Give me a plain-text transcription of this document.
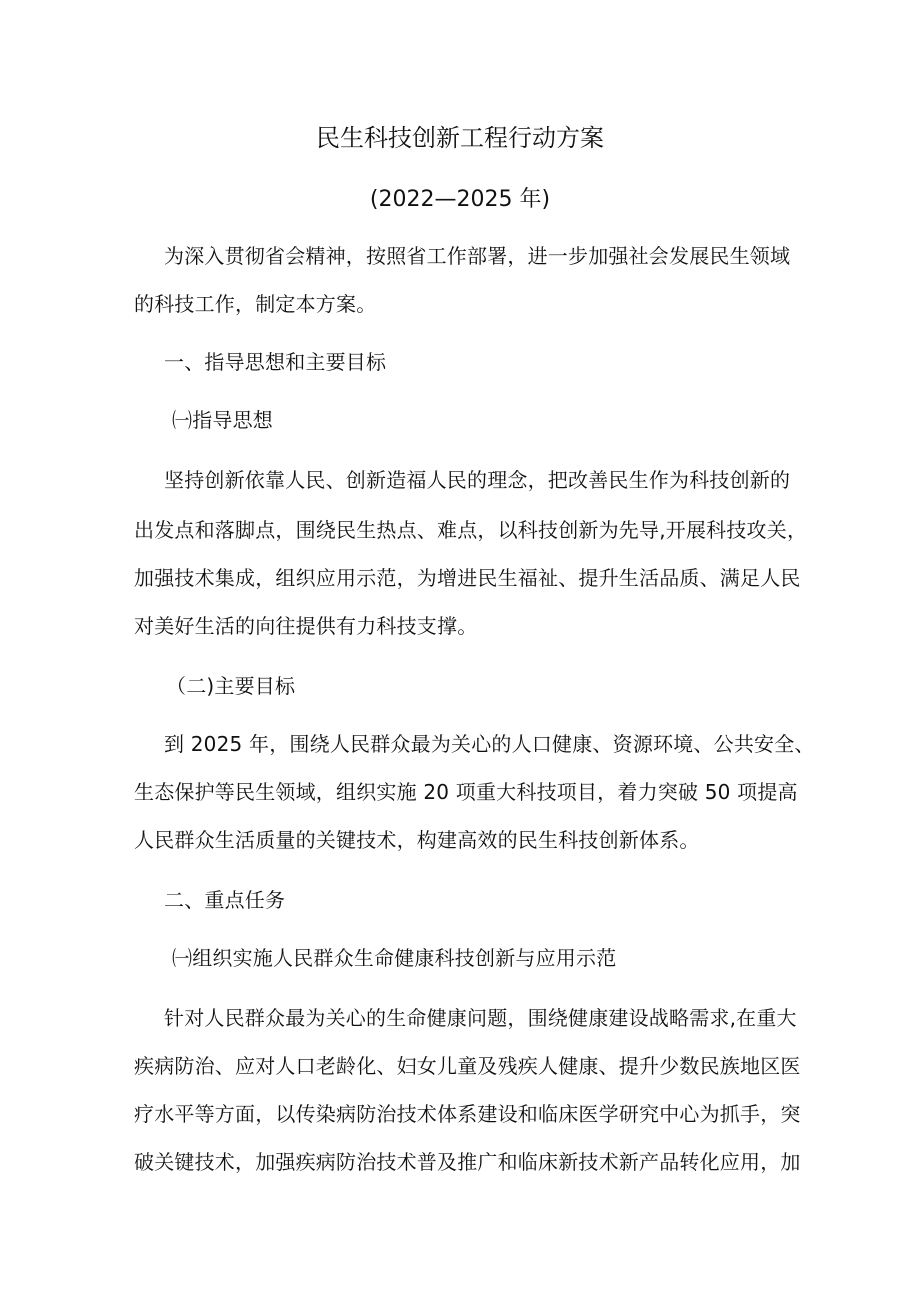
民生科技创新工程行动方案
(2022—2025 年)
为深入贯彻省会精神，按照省工作部署，进一步加强社会发展民生领域
的科技工作，制定本方案。
一、指导思想和主要目标
㈠指导思想
坚持创新依靠人民、创新造福人民的理念，把改善民生作为科技创新的
出发点和落脚点，围绕民生热点、难点，以科技创新为先导,开展科技攻关，
加强技术集成，组织应用示范，为增进民生福祉、提升生活品质、满足人民
对美好生活的向往提供有力科技支撑。
（二)主要目标
到 2025 年，围绕人民群众最为关心的人口健康、资源环境、公共安全、
生态保护等民生领域，组织实施 20 项重大科技项目，着力突破 50 项提高
人民群众生活质量的关键技术，构建高效的民生科技创新体系。
二、重点任务
㈠组织实施人民群众生命健康科技创新与应用示范
针对人民群众最为关心的生命健康问题，围绕健康建设战略需求,在重大
疾病防治、应对人口老龄化、妇女儿童及残疾人健康、提升少数民族地区医
疗水平等方面，以传染病防治技术体系建设和临床医学研究中心为抓手，突
破关键技术，加强疾病防治技术普及推广和临床新技术新产品转化应用，加
